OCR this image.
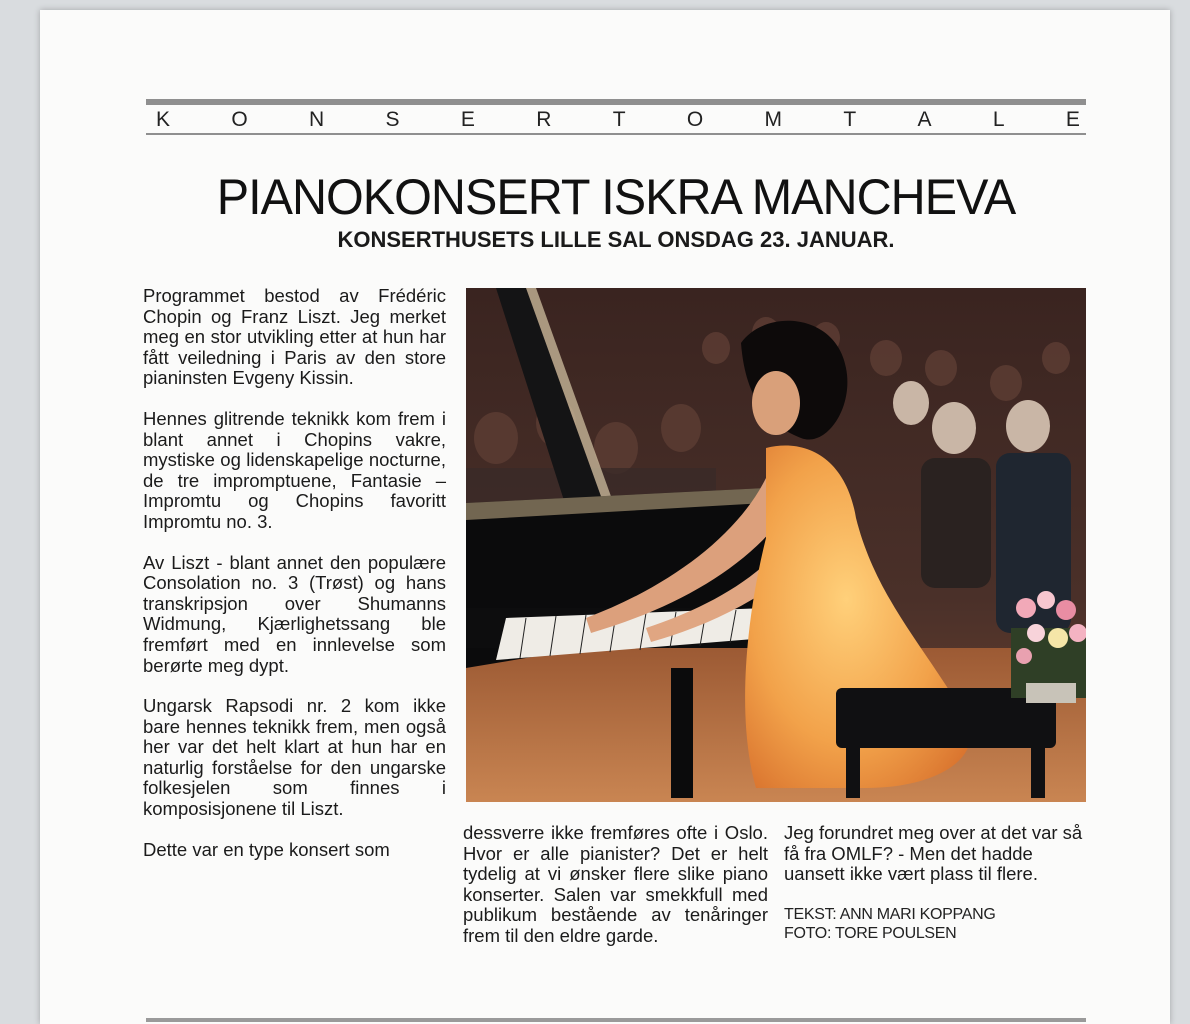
K	O	N	S	E	R	T	O	M	T	A	L	E
PIANOKONSERT ISKRA MANCHEVA
KONSERTHUSETS LILLE SAL ONSDAG 23. JANUAR.

Programmet bestod av Frédéric Chopin og Franz Liszt. Jeg merket meg en stor utvikling etter at hun har fått veiledning i Paris av den store pianinsten Evgeny Kissin.

Hennes glitrende teknikk kom frem i blant annet i Chopins vakre, mystiske og lidenskapelige nocturne, de tre impromptuene, Fantasie – Impromtu og Chopins favoritt Impromtu no. 3.

Av Liszt - blant annet den populære Consolation no. 3 (Trøst) og hans transkripsjon over Shumanns Widmung, Kjærlighetssang ble fremført med en innlevelse som berørte meg dypt.

Ungarsk Rapsodi nr. 2 kom ikke bare hennes teknikk frem, men også her var det helt klart at hun har en naturlig forståelse for den ungarske folkesjelen som finnes i komposisjonene til Liszt.

Dette var en type konsert som

dessverre ikke fremføres ofte i Oslo. Hvor er alle pianister? Det er helt tydelig at vi ønsker flere slike piano konserter. Salen var smekkfull med publikum bestående av tenåringer frem til den eldre garde.

Jeg forundret meg over at det var så få fra OMLF? - Men det hadde uansett ikke vært plass til flere.

TEKST: ANN MARI KOPPANG
FOTO: TORE POULSEN
